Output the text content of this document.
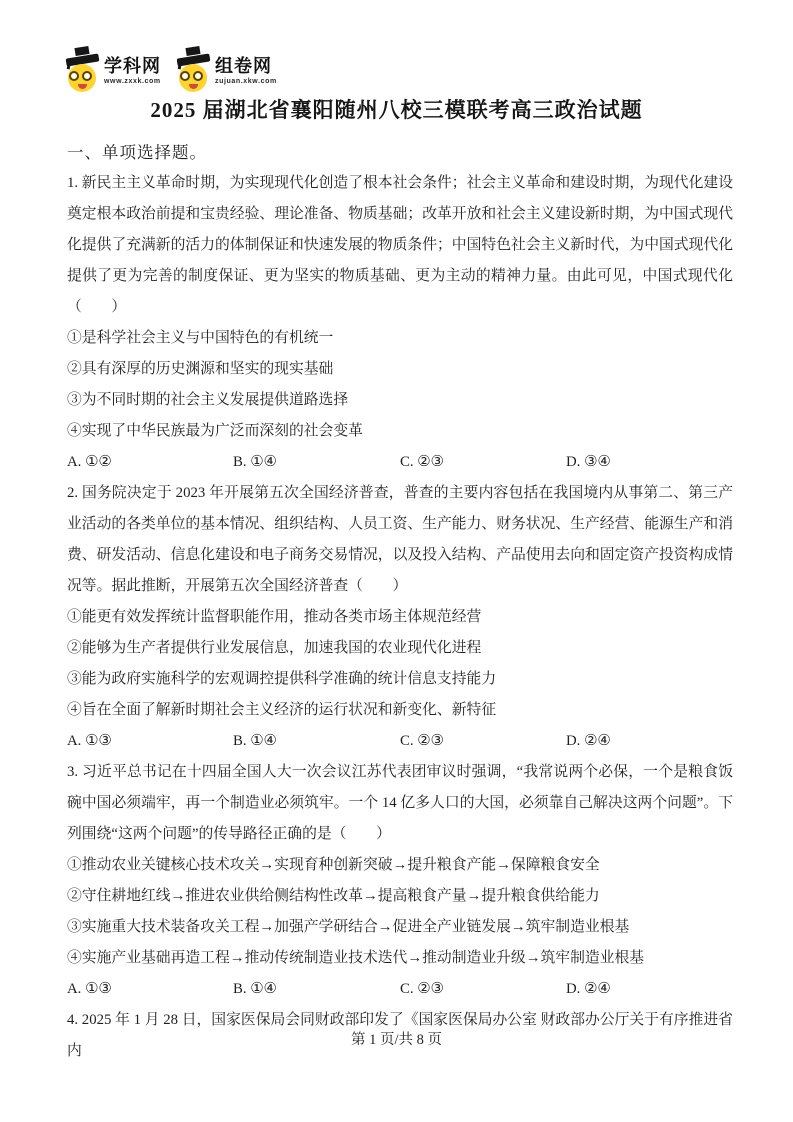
学科网
www.zxxk.com
组卷网
zujuan.xkw.com
2025 届湖北省襄阳随州八校三模联考高三政治试题
一、单项选择题。

1. 新民主主义革命时期，为实现现代化创造了根本社会条件；社会主义革命和建设时期，为现代化建设奠定根本政治前提和宝贵经验、理论准备、物质基础；改革开放和社会主义建设新时期，为中国式现代化提供了充满新的活力的体制保证和快速发展的物质条件；中国特色社会主义新时代，为中国式现代化提供了更为完善的制度保证、更为坚实的物质基础、更为主动的精神力量。由此可见，中国式现代化（　　）

①是科学社会主义与中国特色的有机统一
②具有深厚的历史渊源和坚实的现实基础
③为不同时期的社会主义发展提供道路选择
④实现了中华民族最为广泛而深刻的社会变革
A. ①②	B. ①④	C. ②③	D. ③④

2. 国务院决定于 2023 年开展第五次全国经济普查，普查的主要内容包括在我国境内从事第二、第三产业活动的各类单位的基本情况、组织结构、人员工资、生产能力、财务状况、生产经营、能源生产和消费、研发活动、信息化建设和电子商务交易情况，以及投入结构、产品使用去向和固定资产投资构成情况等。据此推断，开展第五次全国经济普查（　　）

①能更有效发挥统计监督职能作用，推动各类市场主体规范经营
②能够为生产者提供行业发展信息，加速我国的农业现代化进程
③能为政府实施科学的宏观调控提供科学准确的统计信息支持能力
④旨在全面了解新时期社会主义经济的运行状况和新变化、新特征
A. ①③	B. ①④	C. ②③	D. ②④

3. 习近平总书记在十四届全国人大一次会议江苏代表团审议时强调，“我常说两个必保，一个是粮食饭碗中国必须端牢，再一个制造业必须筑牢。一个 14 亿多人口的大国，必须靠自己解决这两个问题”。下列围绕“这两个问题”的传导路径正确的是（　　）

①推动农业关键核心技术攻关→实现育种创新突破→提升粮食产能→保障粮食安全
②守住耕地红线→推进农业供给侧结构性改革→提高粮食产量→提升粮食供给能力
③实施重大技术装备攻关工程→加强产学研结合→促进全产业链发展→筑牢制造业根基
④实施产业基础再造工程→推动传统制造业技术迭代→推动制造业升级→筑牢制造业根基
A. ①③	B. ①④	C. ②③	D. ②④

4. 2025 年 1 月 28 日，国家医保局会同财政部印发了《国家医保局办公室 财政部办公厅关于有序推进省内

第 1 页/共 8 页
